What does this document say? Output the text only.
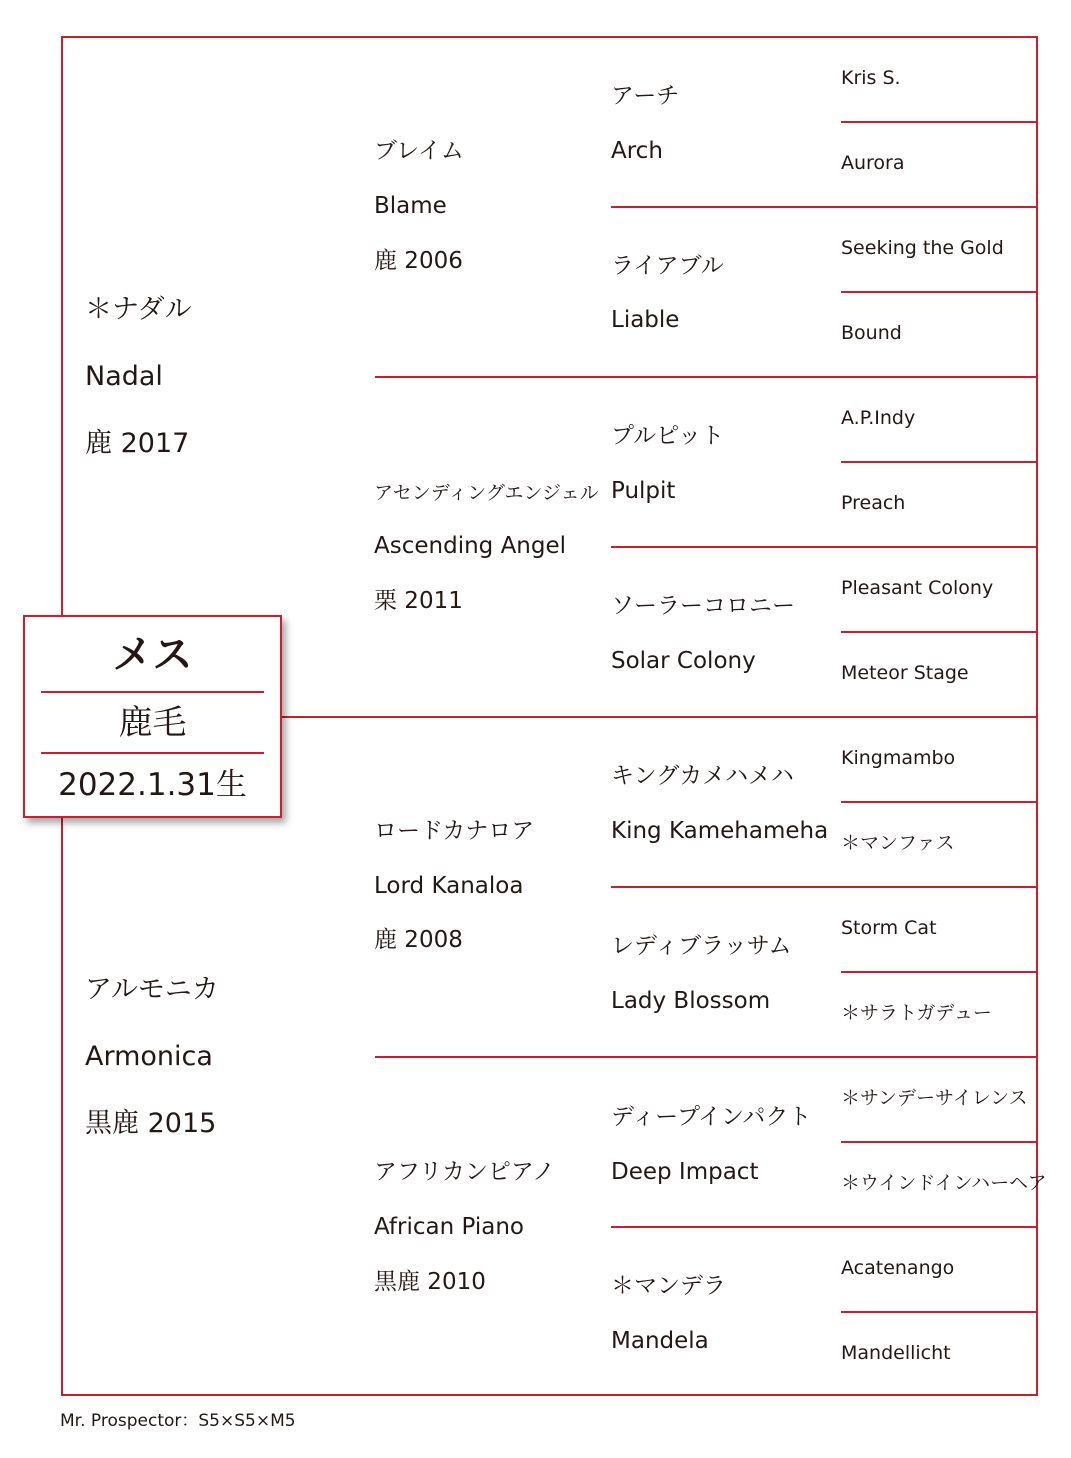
＊ナダル
Nadal
鹿 2017
アルモニカ
Armonica
黒鹿 2015
ブレイム
Blame
鹿 2006
アセンディングエンジェル
Ascending Angel
栗 2011
ロードカナロア
Lord Kanaloa
鹿 2008
アフリカンピアノ
African Piano
黒鹿 2010
アーチ
Arch
ライアブル
Liable
プルピット
Pulpit
ソーラーコロニー
Solar Colony
キングカメハメハ
King Kamehameha
レディブラッサム
Lady Blossom
ディープインパクト
Deep Impact
＊マンデラ
Mandela
Kris S.
Aurora
Seeking the Gold
Bound
A.P.Indy
Preach
Pleasant Colony
Meteor Stage
Kingmambo
＊マンファス
Storm Cat
＊サラトガデュー
＊サンデーサイレンス
＊ウインドインハーヘア
Acatenango
Mandellicht
メス
鹿毛
2022.1.31生
Mr. Prospector：S5×S5×M5
